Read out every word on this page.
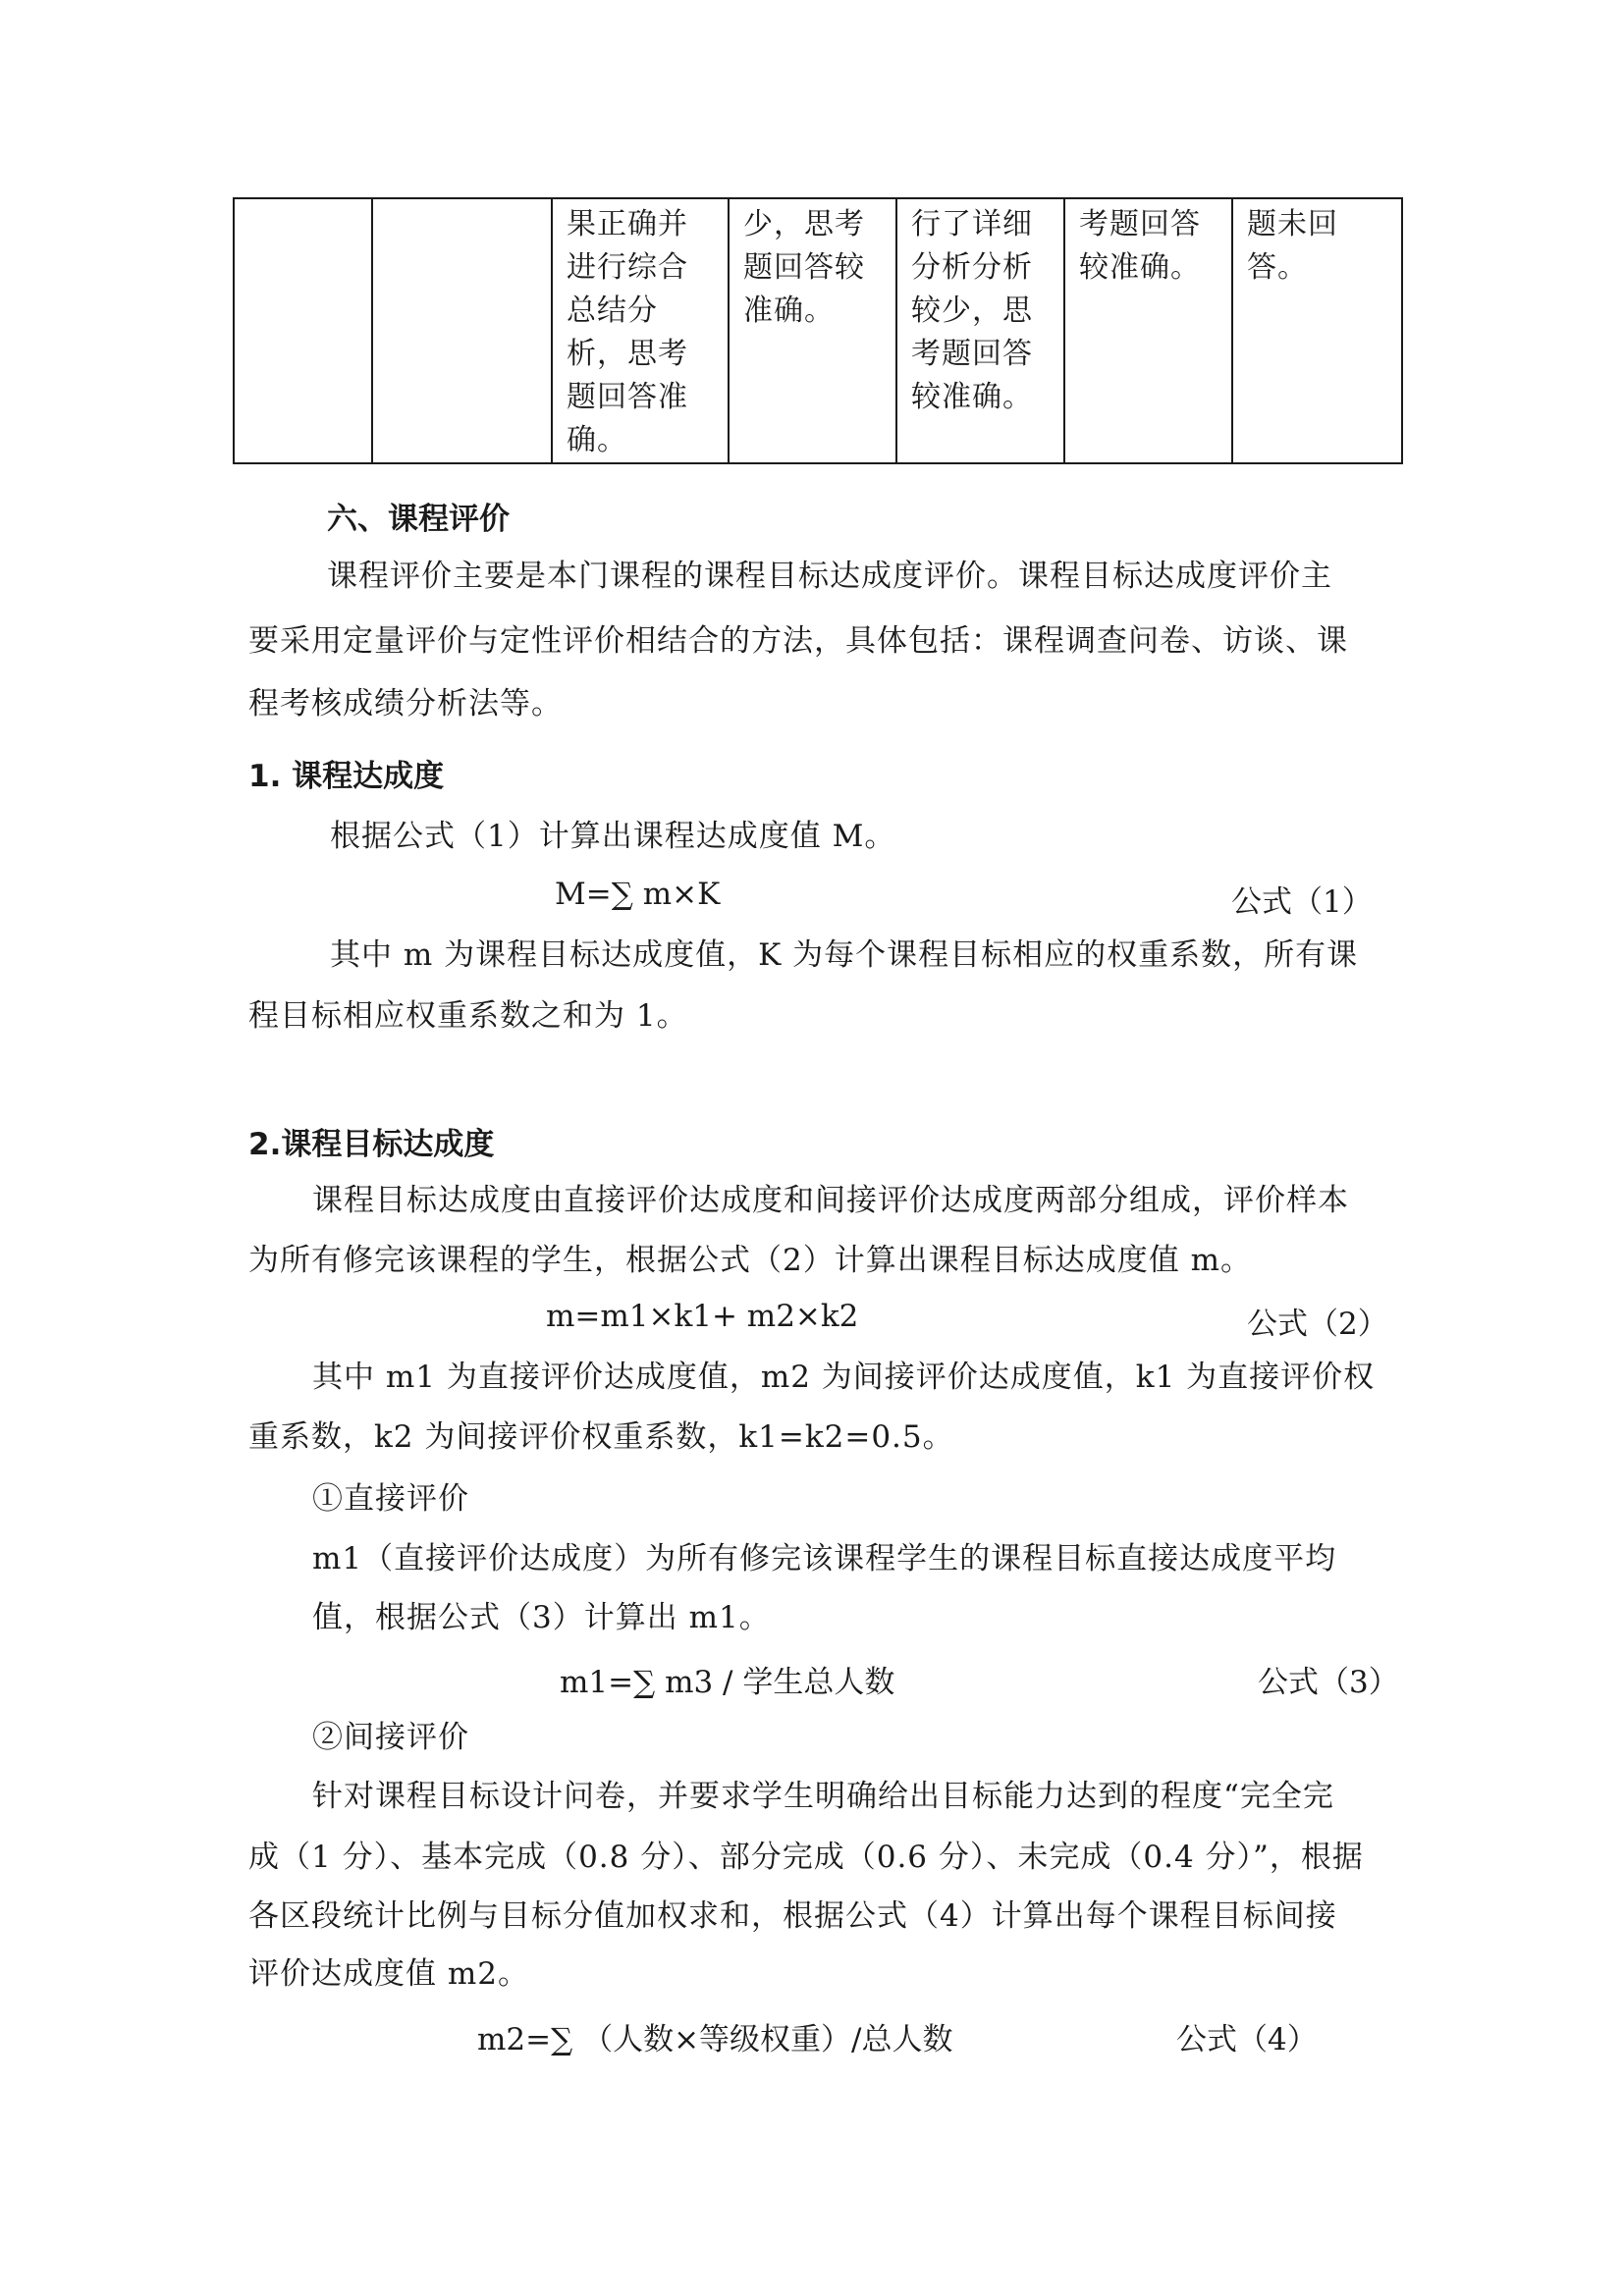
		果正确并进行综合总结分析，思考题回答准确。	少，思考题回答较准确。	行了详细分析分析较少，思考题回答较准确。	考题回答较准确。	题未回答。
六、课程评价
课程评价主要是本门课程的课程目标达成度评价。课程目标达成度评价主
要采用定量评价与定性评价相结合的方法，具体包括：课程调查问卷、访谈、课
程考核成绩分析法等。
1. 课程达成度
根据公式（1）计算出课程达成度值 M。
M=∑ m×K	公式（1）
其中 m 为课程目标达成度值，K 为每个课程目标相应的权重系数，所有课
程目标相应权重系数之和为 1。
2.课程目标达成度
课程目标达成度由直接评价达成度和间接评价达成度两部分组成，评价样本
为所有修完该课程的学生，根据公式（2）计算出课程目标达成度值 m。
m=m1×k1+ m2×k2	公式（2）
其中 m1 为直接评价达成度值，m2 为间接评价达成度值，k1 为直接评价权
重系数，k2 为间接评价权重系数，k1=k2=0.5。
①直接评价
m1（直接评价达成度）为所有修完该课程学生的课程目标直接达成度平均
值，根据公式（3）计算出 m1。
m1=∑ m3 / 学生总人数	公式（3）
②间接评价
针对课程目标设计问卷，并要求学生明确给出目标能力达到的程度“完全完
成（1 分）、基本完成（0.8 分）、部分完成（0.6 分）、未完成（0.4 分）”，根据
各区段统计比例与目标分值加权求和，根据公式（4）计算出每个课程目标间接
评价达成度值 m2。
m2=∑ （人数×等级权重）/总人数	公式（4）
